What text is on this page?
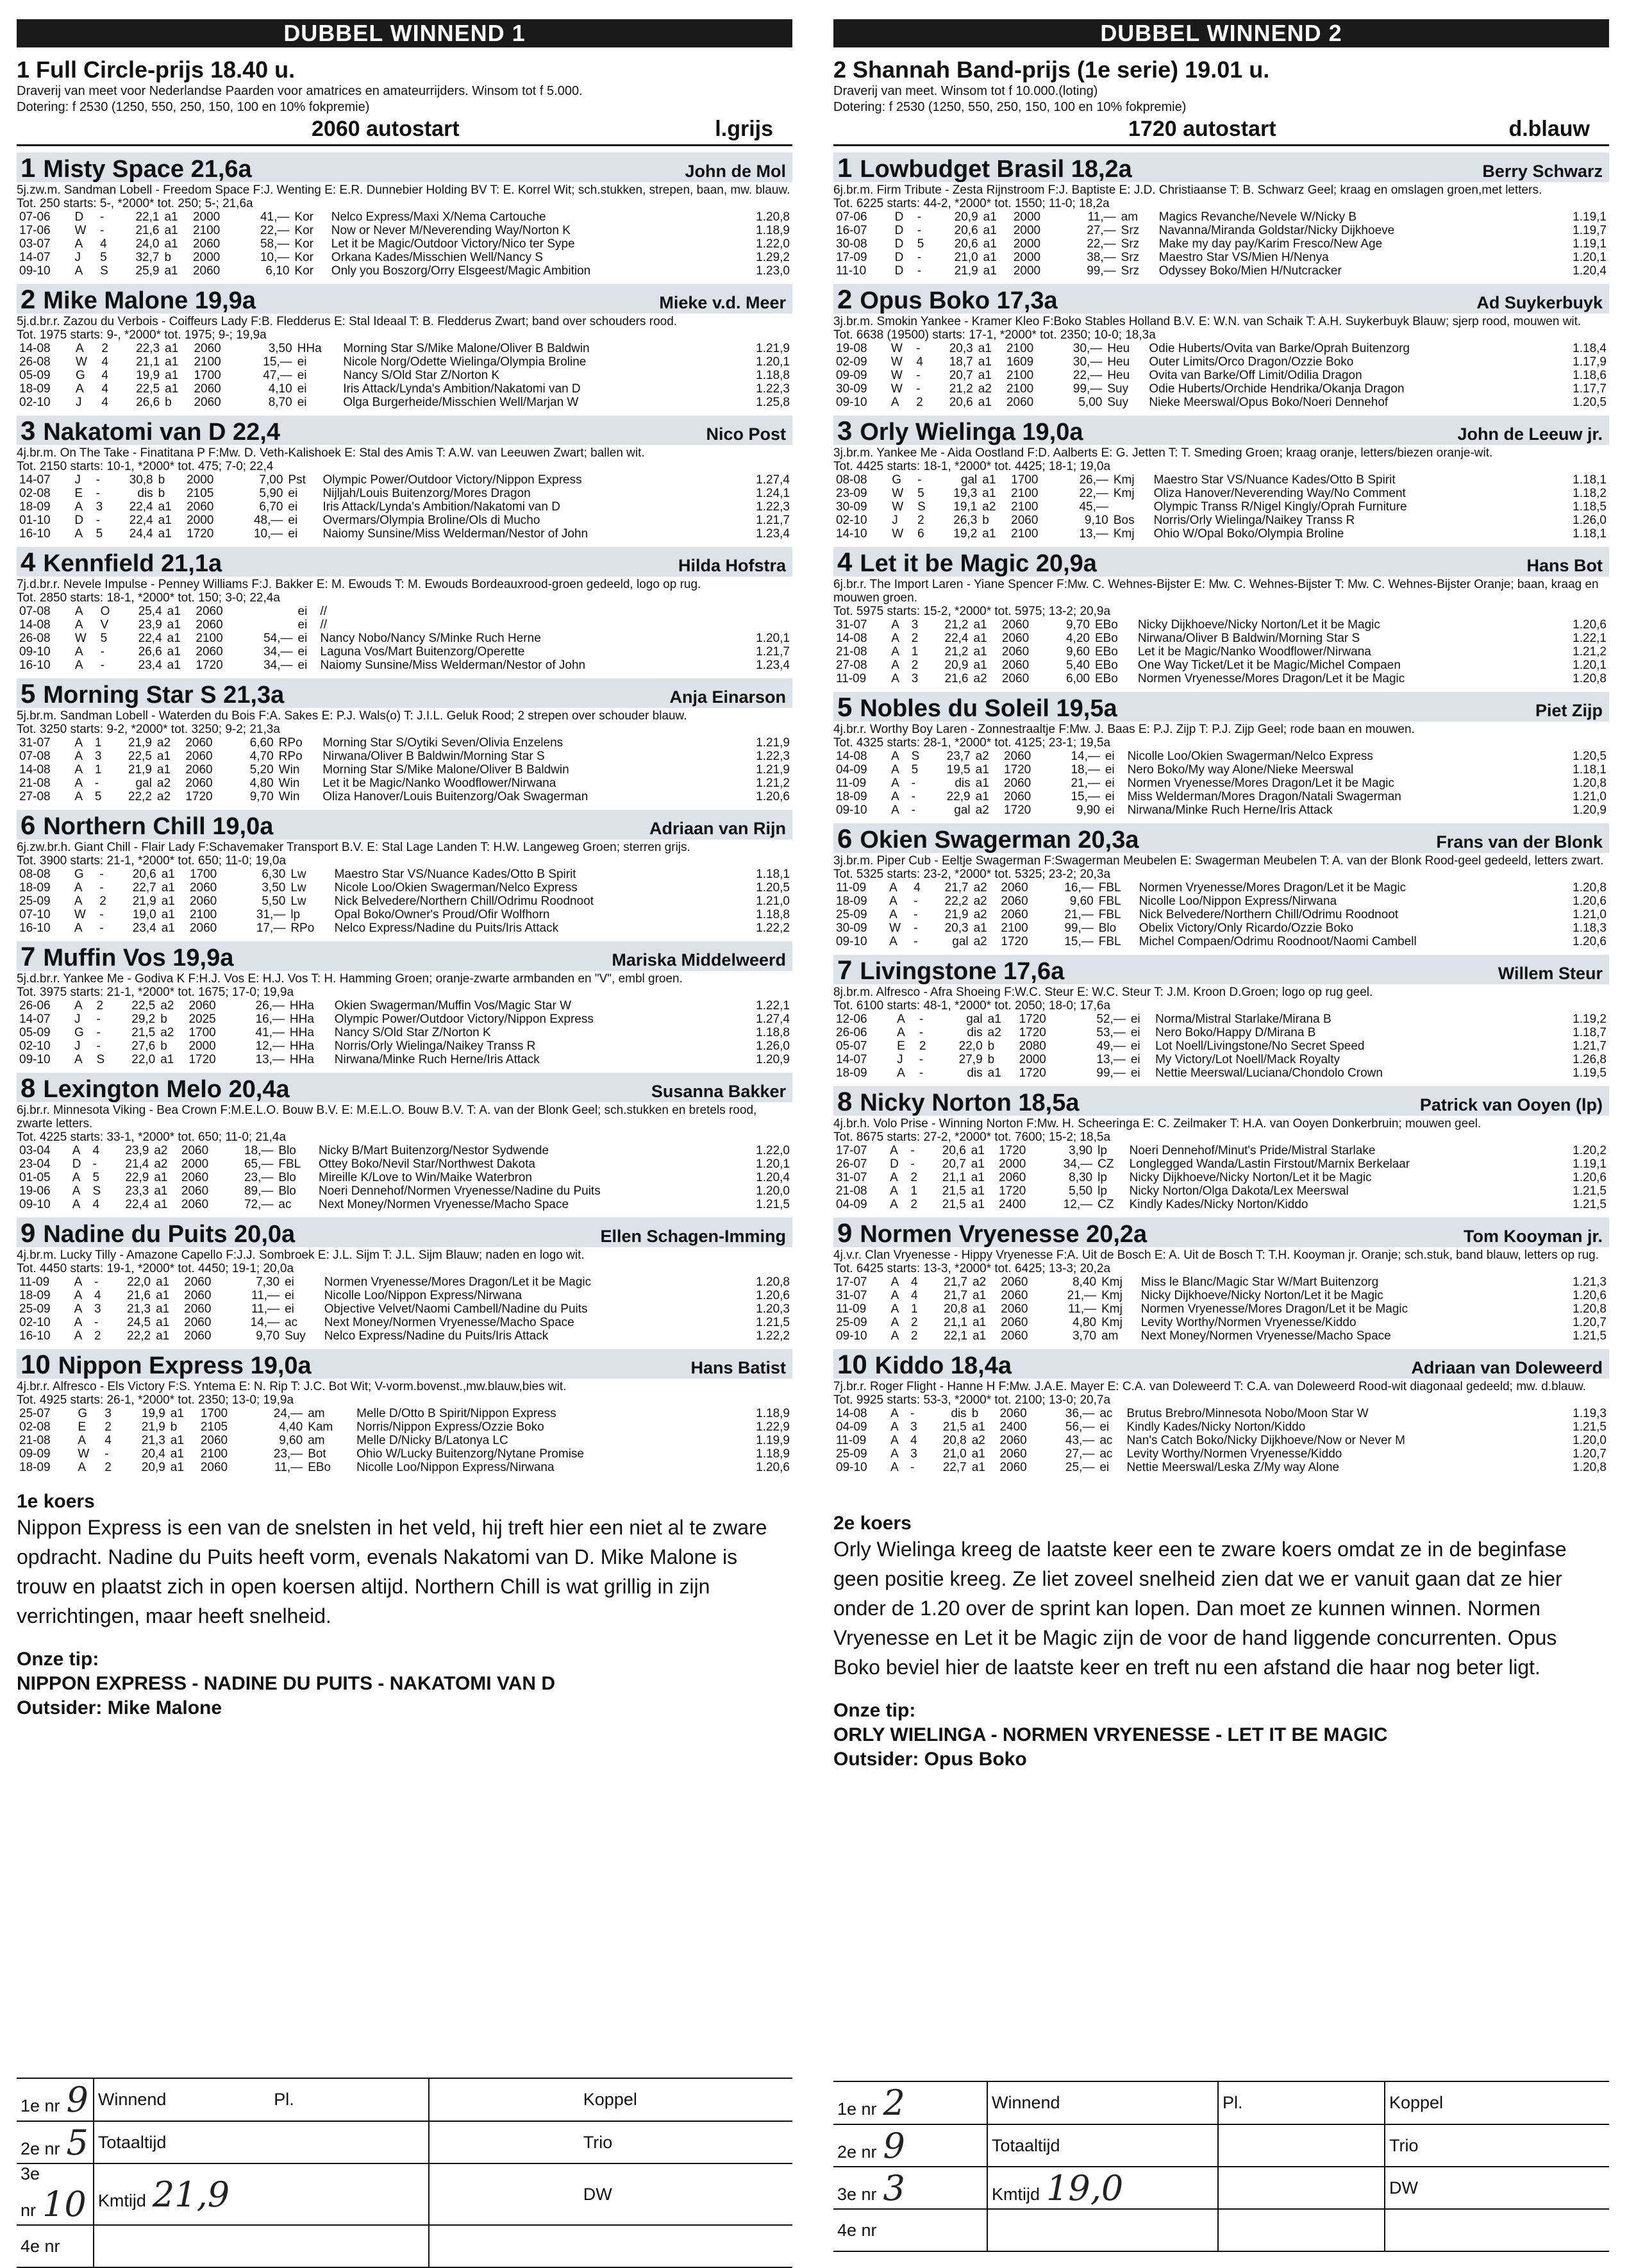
DUBBEL WINNEND 1
1 Full Circle-prijs 18.40 u.
Draverij van meet voor Nederlandse Paarden voor amatrices en amateurrijders. Winsom tot f 5.000.
Dotering: f 2530 (1250, 550, 250, 150, 100 en 10% fokpremie)
2060 autostart	l.grijs
1 Misty Space 21,6a	John de Mol
5j.zw.m. Sandman Lobell - Freedom Space F:J. Wenting E: E.R. Dunnebier Holding BV T: E. Korrel Wit; sch.stukken, strepen, baan, mw. blauw.
Tot. 250 starts: 5-, *2000* tot. 250; 5-; 21,6a
07-06	D	-	22,1	a1	2000	41,—	Kor	Nelco Express/Maxi X/Nema Cartouche	1.20,8
17-06	W	-	21,6	a1	2100	22,—	Kor	Now or Never M/Neverending Way/Norton K	1.18,9
03-07	A	4	24,0	a1	2060	58,—	Kor	Let it be Magic/Outdoor Victory/Nico ter Sype	1.22,0
14-07	J	5	32,7	b	2000	10,—	Kor	Orkana Kades/Misschien Well/Nancy S	1.29,2
09-10	A	S	25,9	a1	2060	6,10	Kor	Only you Boszorg/Orry Elsgeest/Magic Ambition	1.23,0
2 Mike Malone 19,9a	Mieke v.d. Meer
5j.d.br.r. Zazou du Verbois - Coiffeurs Lady F:B. Fledderus E: Stal Ideaal T: B. Fledderus Zwart; band over schouders rood.
Tot. 1975 starts: 9-, *2000* tot. 1975; 9-; 19,9a
14-08	A	2	22,3	a1	2060	3,50	HHa	Morning Star S/Mike Malone/Oliver B Baldwin	1.21,9
26-08	W	4	21,1	a1	2100	15,—	ei	Nicole Norg/Odette Wielinga/Olympia Broline	1.20,1
05-09	G	4	19,9	a1	1700	47,—	ei	Nancy S/Old Star Z/Norton K	1.18,8
18-09	A	4	22,5	a1	2060	4,10	ei	Iris Attack/Lynda's Ambition/Nakatomi van D	1.22,3
02-10	J	4	26,6	b	2060	8,70	ei	Olga Burgerheide/Misschien Well/Marjan W	1.25,8
3 Nakatomi van D 22,4	Nico Post
4j.br.m. On The Take - Finatitana P F:Mw. D. Veth-Kalishoek E: Stal des Amis T: A.W. van Leeuwen Zwart; ballen wit.
Tot. 2150 starts: 10-1, *2000* tot. 475; 7-0; 22,4
14-07	J	-	30,8	b	2000	7,00	Pst	Olympic Power/Outdoor Victory/Nippon Express	1.27,4
02-08	E	-	dis	b	2105	5,90	ei	Nijljah/Louis Buitenzorg/Mores Dragon	1.24,1
18-09	A	3	22,4	a1	2060	6,70	ei	Iris Attack/Lynda's Ambition/Nakatomi van D	1.22,3
01-10	D	-	22,4	a1	2000	48,—	ei	Overmars/Olympia Broline/Ols di Mucho	1.21,7
16-10	A	5	24,4	a1	1720	10,—	ei	Naiomy Sunsine/Miss Welderman/Nestor of John	1.23,4
4 Kennfield 21,1a	Hilda Hofstra
7j.d.br.r. Nevele Impulse - Penney Williams F:J. Bakker E: M. Ewouds T: M. Ewouds Bordeauxrood-groen gedeeld, logo op rug.
Tot. 2850 starts: 18-1, *2000* tot. 150; 3-0; 22,4a
07-08	A	O	25,4	a1	2060		ei	//	
14-08	A	V	23,9	a1	2060		ei	//	
26-08	W	5	22,4	a1	2100	54,—	ei	Nancy Nobo/Nancy S/Minke Ruch Herne	1.20,1
09-10	A	-	26,6	a1	2060	34,—	ei	Laguna Vos/Mart Buitenzorg/Operette	1.21,7
16-10	A	-	23,4	a1	1720	34,—	ei	Naiomy Sunsine/Miss Welderman/Nestor of John	1.23,4
5 Morning Star S 21,3a	Anja Einarson
5j.br.m. Sandman Lobell - Waterden du Bois F:A. Sakes E: P.J. Wals(o) T: J.I.L. Geluk Rood; 2 strepen over schouder blauw.
Tot. 3250 starts: 9-2, *2000* tot. 3250; 9-2; 21,3a
31-07	A	1	21,9	a2	2060	6,60	RPo	Morning Star S/Oytiki Seven/Olivia Enzelens	1.21,9
07-08	A	3	22,5	a1	2060	4,70	RPo	Nirwana/Oliver B Baldwin/Morning Star S	1.22,3
14-08	A	1	21,9	a1	2060	5,20	Win	Morning Star S/Mike Malone/Oliver B Baldwin	1.21,9
21-08	A	-	gal	a2	2060	4,80	Win	Let it be Magic/Nanko Woodflower/Nirwana	1.21,2
27-08	A	5	22,2	a2	1720	9,70	Win	Oliza Hanover/Louis Buitenzorg/Oak Swagerman	1.20,6
6 Northern Chill 19,0a	Adriaan van Rijn
6j.zw.br.h. Giant Chill - Flair Lady F:Schavemaker Transport B.V. E: Stal Lage Landen T: H.W. Langeweg Groen; sterren grijs.
Tot. 3900 starts: 21-1, *2000* tot. 650; 11-0; 19,0a
08-08	G	-	20,6	a1	1700	6,30	Lw	Maestro Star VS/Nuance Kades/Otto B Spirit	1.18,1
18-09	A	-	22,7	a1	2060	3,50	Lw	Nicole Loo/Okien Swagerman/Nelco Express	1.20,5
25-09	A	2	21,9	a1	2060	5,50	Lw	Nick Belvedere/Northern Chill/Odrimu Roodnoot	1.21,0
07-10	W	-	19,0	a1	2100	31,—	lp	Opal Boko/Owner's Proud/Ofir Wolfhorn	1.18,8
16-10	A	-	23,4	a1	2060	17,—	RPo	Nelco Express/Nadine du Puits/Iris Attack	1.22,2
7 Muffin Vos 19,9a	Mariska Middelweerd
5j.d.br.r. Yankee Me - Godiva K F:H.J. Vos E: H.J. Vos T: H. Hamming Groen; oranje-zwarte armbanden en "V", embl groen.
Tot. 3975 starts: 21-1, *2000* tot. 1675; 17-0; 19,9a
26-06	A	2	22,5	a2	2060	26,—	HHa	Okien Swagerman/Muffin Vos/Magic Star W	1.22,1
14-07	J	-	29,2	b	2025	16,—	HHa	Olympic Power/Outdoor Victory/Nippon Express	1.27,4
05-09	G	-	21,5	a2	1700	41,—	HHa	Nancy S/Old Star Z/Norton K	1.18,8
02-10	J	-	27,6	b	2000	12,—	HHa	Norris/Orly Wielinga/Naikey Transs R	1.26,0
09-10	A	S	22,0	a1	1720	13,—	HHa	Nirwana/Minke Ruch Herne/Iris Attack	1.20,9
8 Lexington Melo 20,4a	Susanna Bakker
6j.br.r. Minnesota Viking - Bea Crown F:M.E.L.O. Bouw B.V. E: M.E.L.O. Bouw B.V. T: A. van der Blonk Geel; sch.stukken en bretels rood, zwarte letters.
Tot. 4225 starts: 33-1, *2000* tot. 650; 11-0; 21,4a
03-04	A	4	23,9	a2	2060	18,—	Blo	Nicky B/Mart Buitenzorg/Nestor Sydwende	1.22,0
23-04	D	-	21,4	a2	2000	65,—	FBL	Ottey Boko/Nevil Star/Northwest Dakota	1.20,1
01-05	A	5	22,9	a1	2060	23,—	Blo	Mireille K/Love to Win/Maike Waterbron	1.20,4
19-06	A	S	23,3	a1	2060	89,—	Blo	Noeri Dennehof/Normen Vryenesse/Nadine du Puits	1.20,0
09-10	A	4	22,4	a1	2060	72,—	ac	Next Money/Normen Vryenesse/Macho Space	1.21,5
9 Nadine du Puits 20,0a	Ellen Schagen-Imming
4j.br.m. Lucky Tilly - Amazone Capello F:J.J. Sombroek E: J.L. Sijm T: J.L. Sijm Blauw; naden en logo wit.
Tot. 4450 starts: 19-1, *2000* tot. 4450; 19-1; 20,0a
11-09	A	-	22,0	a1	2060	7,30	ei	Normen Vryenesse/Mores Dragon/Let it be Magic	1.20,8
18-09	A	4	21,6	a1	2060	11,—	ei	Nicolle Loo/Nippon Express/Nirwana	1.20,6
25-09	A	3	21,3	a1	2060	11,—	ei	Objective Velvet/Naomi Cambell/Nadine du Puits	1.20,3
02-10	A	-	24,5	a1	2060	14,—	ac	Next Money/Normen Vryenesse/Macho Space	1.21,5
16-10	A	2	22,2	a1	2060	9,70	Suy	Nelco Express/Nadine du Puits/Iris Attack	1.22,2
10 Nippon Express 19,0a	Hans Batist
4j.br.r. Alfresco - Els Victory F:S. Yntema E: N. Rip T: J.C. Bot Wit; V-vorm.bovenst.,mw.blauw,bies wit.
Tot. 4925 starts: 26-1, *2000* tot. 2350; 13-0; 19,9a
25-07	G	3	19,9	a1	1700	24,—	am	Melle D/Otto B Spirit/Nippon Express	1.18,9
02-08	E	2	21,9	b	2105	4,40	Kam	Norris/Nippon Express/Ozzie Boko	1.22,9
21-08	A	4	21,3	a1	2060	9,60	am	Melle D/Nicky B/Latonya LC	1.19,9
09-09	W	-	20,4	a1	2100	23,—	Bot	Ohio W/Lucky Buitenzorg/Nytane Promise	1.18,9
18-09	A	2	20,9	a1	2060	11,—	EBo	Nicolle Loo/Nippon Express/Nirwana	1.20,6
1e koers
Nippon Express is een van de snelsten in het veld, hij treft hier een niet al te zware opdracht. Nadine du Puits heeft vorm, evenals Nakatomi van D. Mike Malone is trouw en plaatst zich in open koersen altijd. Northern Chill is wat grillig in zijn verrichtingen, maar heeft snelheid.
Onze tip:
NIPPON EXPRESS - NADINE DU PUITS - NAKATOMI VAN D
Outsider: Mike Malone
DUBBEL WINNEND 2
2 Shannah Band-prijs (1e serie) 19.01 u.
Draverij van meet. Winsom tot f 10.000.(loting)
Dotering: f 2530 (1250, 550, 250, 150, 100 en 10% fokpremie)
1720 autostart	d.blauw
1 Lowbudget Brasil 18,2a	Berry Schwarz
6j.br.m. Firm Tribute - Zesta Rijnstroom F:J. Baptiste E: J.D. Christiaanse T: B. Schwarz Geel; kraag en omslagen groen,met letters.
Tot. 6225 starts: 44-2, *2000* tot. 1550; 11-0; 18,2a
07-06	D	-	20,9	a1	2000	11,—	am	Magics Revanche/Nevele W/Nicky B	1.19,1
16-07	D	-	20,6	a1	2000	27,—	Srz	Navanna/Miranda Goldstar/Nicky Dijkhoeve	1.19,7
30-08	D	5	20,6	a1	2000	22,—	Srz	Make my day pay/Karim Fresco/New Age	1.19,1
17-09	D	-	21,0	a1	2000	38,—	Srz	Maestro Star VS/Mien H/Nenya	1.20,1
11-10	D	-	21,9	a1	2000	99,—	Srz	Odyssey Boko/Mien H/Nutcracker	1.20,4
2 Opus Boko 17,3a	Ad Suykerbuyk
3j.br.m. Smokin Yankee - Kramer Kleo F:Boko Stables Holland B.V. E: W.N. van Schaik T: A.H. Suykerbuyk Blauw; sjerp rood, mouwen wit.
Tot. 6638 (19500) starts: 17-1, *2000* tot. 2350; 10-0; 18,3a
19-08	W	-	20,3	a1	2100	30,—	Heu	Odie Huberts/Ovita van Barke/Oprah Buitenzorg	1.18,4
02-09	W	4	18,7	a1	1609	30,—	Heu	Outer Limits/Orco Dragon/Ozzie Boko	1.17,9
09-09	W	-	20,7	a1	2100	22,—	Heu	Ovita van Barke/Off Limit/Odilia Dragon	1.18,6
30-09	W	-	21,2	a2	2100	99,—	Suy	Odie Huberts/Orchide Hendrika/Okanja Dragon	1.17,7
09-10	A	2	20,6	a1	2060	5,00	Suy	Nieke Meerswal/Opus Boko/Noeri Dennehof	1.20,5
3 Orly Wielinga 19,0a	John de Leeuw jr.
3j.br.m. Yankee Me - Aida Oostland F:D. Aalberts E: G. Jetten T: T. Smeding Groen; kraag oranje, letters/biezen oranje-wit.
Tot. 4425 starts: 18-1, *2000* tot. 4425; 18-1; 19,0a
08-08	G	-	gal	a1	1700	26,—	Kmj	Maestro Star VS/Nuance Kades/Otto B Spirit	1.18,1
23-09	W	5	19,3	a1	2100	22,—	Kmj	Oliza Hanover/Neverending Way/No Comment	1.18,2
30-09	W	S	19,1	a2	2100	45,—		Olympic Transs R/Nigel Kingly/Oprah Furniture	1.18,5
02-10	J	2	26,3	b	2060	9,10	Bos	Norris/Orly Wielinga/Naikey Transs R	1.26,0
14-10	W	6	19,2	a1	2100	13,—	Kmj	Ohio W/Opal Boko/Olympia Broline	1.18,1
4 Let it be Magic 20,9a	Hans Bot
6j.br.r. The Import Laren - Yiane Spencer F:Mw. C. Wehnes-Bijster E: Mw. C. Wehnes-Bijster T: Mw. C. Wehnes-Bijster Oranje; baan, kraag en mouwen groen.
Tot. 5975 starts: 15-2, *2000* tot. 5975; 13-2; 20,9a
31-07	A	3	21,2	a1	2060	9,70	EBo	Nicky Dijkhoeve/Nicky Norton/Let it be Magic	1.20,6
14-08	A	2	22,4	a1	2060	4,20	EBo	Nirwana/Oliver B Baldwin/Morning Star S	1.22,1
21-08	A	1	21,2	a1	2060	9,60	EBo	Let it be Magic/Nanko Woodflower/Nirwana	1.21,2
27-08	A	2	20,9	a1	2060	5,40	EBo	One Way Ticket/Let it be Magic/Michel Compaen	1.20,1
11-09	A	3	21,6	a2	2060	6,00	EBo	Normen Vryenesse/Mores Dragon/Let it be Magic	1.20,8
5 Nobles du Soleil 19,5a	Piet Zijp
4j.br.r. Worthy Boy Laren - Zonnestraaltje F:Mw. J. Baas E: P.J. Zijp T: P.J. Zijp Geel; rode baan en mouwen.
Tot. 4325 starts: 28-1, *2000* tot. 4125; 23-1; 19,5a
14-08	A	S	23,7	a2	2060	14,—	ei	Nicolle Loo/Okien Swagerman/Nelco Express	1.20,5
04-09	A	5	19,5	a1	1720	18,—	ei	Nero Boko/My way Alone/Nieke Meerswal	1.18,1
11-09	A	-	dis	a1	2060	21,—	ei	Normen Vryenesse/Mores Dragon/Let it be Magic	1.20,8
18-09	A	-	22,9	a1	2060	15,—	ei	Miss Welderman/Mores Dragon/Natali Swagerman	1.21,0
09-10	A	-	gal	a2	1720	9,90	ei	Nirwana/Minke Ruch Herne/Iris Attack	1.20,9
6 Okien Swagerman 20,3a	Frans van der Blonk
3j.br.m. Piper Cub - Eeltje Swagerman F:Swagerman Meubelen E: Swagerman Meubelen T: A. van der Blonk Rood-geel gedeeld, letters zwart.
Tot. 5325 starts: 23-2, *2000* tot. 5325; 23-2; 20,3a
11-09	A	4	21,7	a2	2060	16,—	FBL	Normen Vryenesse/Mores Dragon/Let it be Magic	1.20,8
18-09	A	-	22,2	a2	2060	9,60	FBL	Nicolle Loo/Nippon Express/Nirwana	1.20,6
25-09	A	-	21,9	a2	2060	21,—	FBL	Nick Belvedere/Northern Chill/Odrimu Roodnoot	1.21,0
30-09	W	-	20,3	a1	2100	99,—	Blo	Obelix Victory/Only Ricardo/Ozzie Boko	1.18,3
09-10	A	-	gal	a2	1720	15,—	FBL	Michel Compaen/Odrimu Roodnoot/Naomi Cambell	1.20,6
7 Livingstone 17,6a	Willem Steur
8j.br.m. Alfresco - Afra Shoeing F:W.C. Steur E: W.C. Steur T: J.M. Kroon D.Groen; logo op rug geel.
Tot. 6100 starts: 48-1, *2000* tot. 2050; 18-0; 17,6a
12-06	A	-	gal	a1	1720	52,—	ei	Norma/Mistral Starlake/Mirana B	1.19,2
26-06	A	-	dis	a2	1720	53,—	ei	Nero Boko/Happy D/Mirana B	1.18,7
05-07	E	2	22,0	b	2080	49,—	ei	Lot Noell/Livingstone/No Secret Speed	1.21,7
14-07	J	-	27,9	b	2000	13,—	ei	My Victory/Lot Noell/Mack Royalty	1.26,8
18-09	A	-	dis	a1	1720	99,—	ei	Nettie Meerswal/Luciana/Chondolo Crown	1.19,5
8 Nicky Norton 18,5a	Patrick van Ooyen (lp)
4j.br.h. Volo Prise - Winning Norton F:Mw. H. Scheeringa E: C. Zeilmaker T: H.A. van Ooyen Donkerbruin; mouwen geel.
Tot. 8675 starts: 27-2, *2000* tot. 7600; 15-2; 18,5a
17-07	A	-	20,6	a1	1720	3,90	lp	Noeri Dennehof/Minut's Pride/Mistral Starlake	1.20,2
26-07	D	-	20,7	a1	2000	34,—	CZ	Longlegged Wanda/Lastin Firstout/Marnix Berkelaar	1.19,1
31-07	A	2	21,1	a1	2060	8,30	lp	Nicky Dijkhoeve/Nicky Norton/Let it be Magic	1.20,6
21-08	A	1	21,5	a1	1720	5,50	lp	Nicky Norton/Olga Dakota/Lex Meerswal	1.21,5
04-09	A	2	21,5	a1	2400	12,—	CZ	Kindly Kades/Nicky Norton/Kiddo	1.21,5
9 Normen Vryenesse 20,2a	Tom Kooyman jr.
4j.v.r. Clan Vryenesse - Hippy Vryenesse F:A. Uit de Bosch E: A. Uit de Bosch T: T.H. Kooyman jr. Oranje; sch.stuk, band blauw, letters op rug.
Tot. 6425 starts: 13-3, *2000* tot. 6425; 13-3; 20,2a
17-07	A	4	21,7	a2	2060	8,40	Kmj	Miss le Blanc/Magic Star W/Mart Buitenzorg	1.21,3
31-07	A	4	21,7	a1	2060	21,—	Kmj	Nicky Dijkhoeve/Nicky Norton/Let it be Magic	1.20,6
11-09	A	1	20,8	a1	2060	11,—	Kmj	Normen Vryenesse/Mores Dragon/Let it be Magic	1.20,8
25-09	A	2	21,1	a1	2060	4,80	Kmj	Levity Worthy/Normen Vryenesse/Kiddo	1.20,7
09-10	A	2	22,1	a1	2060	3,70	am	Next Money/Normen Vryenesse/Macho Space	1.21,5
10 Kiddo 18,4a	Adriaan van Doleweerd
7j.br.r. Roger Flight - Hanne H F:Mw. J.A.E. Mayer E: C.A. van Doleweerd T: C.A. van Doleweerd Rood-wit diagonaal gedeeld; mw. d.blauw.
Tot. 9925 starts: 53-3, *2000* tot. 2100; 13-0; 20,7a
14-08	A	-	dis	b	2060	36,—	ac	Brutus Brebro/Minnesota Nobo/Moon Star W	1.19,3
04-09	A	3	21,5	a1	2400	56,—	ei	Kindly Kades/Nicky Norton/Kiddo	1.21,5
11-09	A	4	20,8	a2	2060	43,—	ac	Nan's Catch Boko/Nicky Dijkhoeve/Now or Never M	1.20,0
25-09	A	3	21,0	a1	2060	27,—	ac	Levity Worthy/Normen Vryenesse/Kiddo	1.20,7
09-10	A	-	22,7	a1	2060	25,—	ei	Nettie Meerswal/Leska Z/My way Alone	1.20,8
2e koers
Orly Wielinga kreeg de laatste keer een te zware koers omdat ze in de beginfase geen positie kreeg. Ze liet zoveel snelheid zien dat we er vanuit gaan dat ze hier onder de 1.20 over de sprint kan lopen. Dan moet ze kunnen winnen. Normen Vryenesse en Let it be Magic zijn de voor de hand liggende concurrenten. Opus Boko beviel hier de laatste keer en treft nu een afstand die haar nog beter ligt.
Onze tip:
ORLY WIELINGA - NORMEN VRYENESSE - LET IT BE MAGIC
Outsider: Opus Boko
1e nr 9	Winnend		Pl.	Koppel
2e nr 5	Totaaltijd			Trio
3e nr 10	Kmtijd 21,9			DW
4e nr				
1e nr 2	Winnend	Pl.	Koppel
2e nr 9	Totaaltijd		Trio
3e nr 3	Kmtijd 19,0		DW
4e nr			
